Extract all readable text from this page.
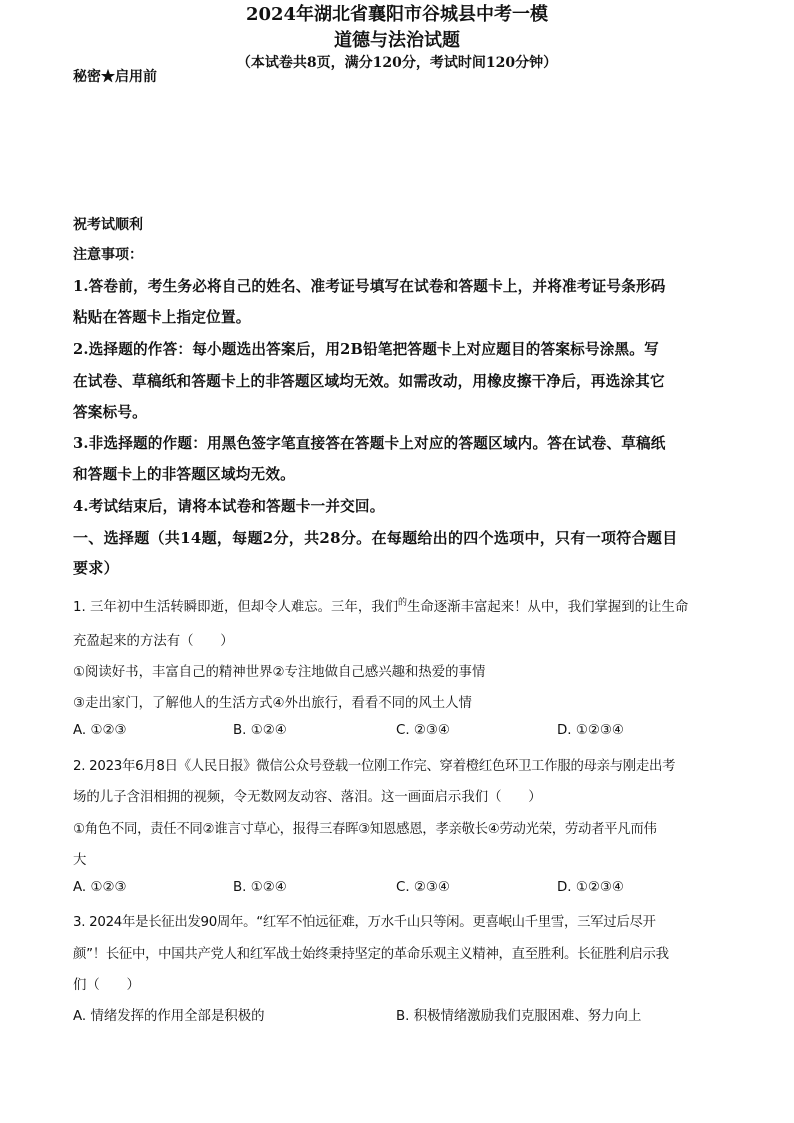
秘密★启用前
2024年湖北省襄阳市谷城县中考一模
道德与法治试题
（本试卷共8页，满分120分，考试时间120分钟）
祝考试顺利
注意事项：
1.答卷前，考生务必将自己的姓名、准考证号填写在试卷和答题卡上，并将准考证号条形码
粘贴在答题卡上指定位置。
2.选择题的作答：每小题选出答案后，用2B铅笔把答题卡上对应题目的答案标号涂黑。写
在试卷、草稿纸和答题卡上的非答题区域均无效。如需改动，用橡皮擦干净后，再选涂其它
答案标号。
3.非选择题的作题：用黑色签字笔直接答在答题卡上对应的答题区域内。答在试卷、草稿纸
和答题卡上的非答题区域均无效。
4.考试结束后，请将本试卷和答题卡一并交回。
一、选择题（共14题，每题2分，共28分。在每题给出的四个选项中，只有一项符合题目
要求）
1. 三年初中生活转瞬即逝，但却令人难忘。三年，我们$^的$生命逐渐丰富起来！从中，我们掌握到的让生命
充盈起来的方法有（　　）
①阅读好书，丰富自己的精神世界②专注地做自己感兴趣和热爱的事情
③走出家门，了解他人的生活方式④外出旅行，看看不同的风土人情
A. ①②③	B. ①②④	C. ②③④	D. ①②③④
2. 2023年6月8日《人民日报》微信公众号登载一位刚工作完、穿着橙红色环卫工作服的母亲与刚走出考
场的儿子含泪相拥的视频，令无数网友动容、落泪。这一画面启示我们（　　）
①角色不同，责任不同②谁言寸草心，报得三春晖③知恩感恩，孝亲敬长④劳动光荣，劳动者平凡而伟
大
A. ①②③	B. ①②④	C. ②③④	D. ①②③④
3. 2024年是长征出发90周年。“红军不怕远征难，万水千山只等闲。更喜岷山千里雪，三军过后尽开
颜”！长征中，中国共产党人和红军战士始终秉持坚定的革命乐观主义精神，直至胜利。长征胜利启示我
们（　　）
A. 情绪发挥的作用全部是积极的	B. 积极情绪激励我们克服困难、努力向上
